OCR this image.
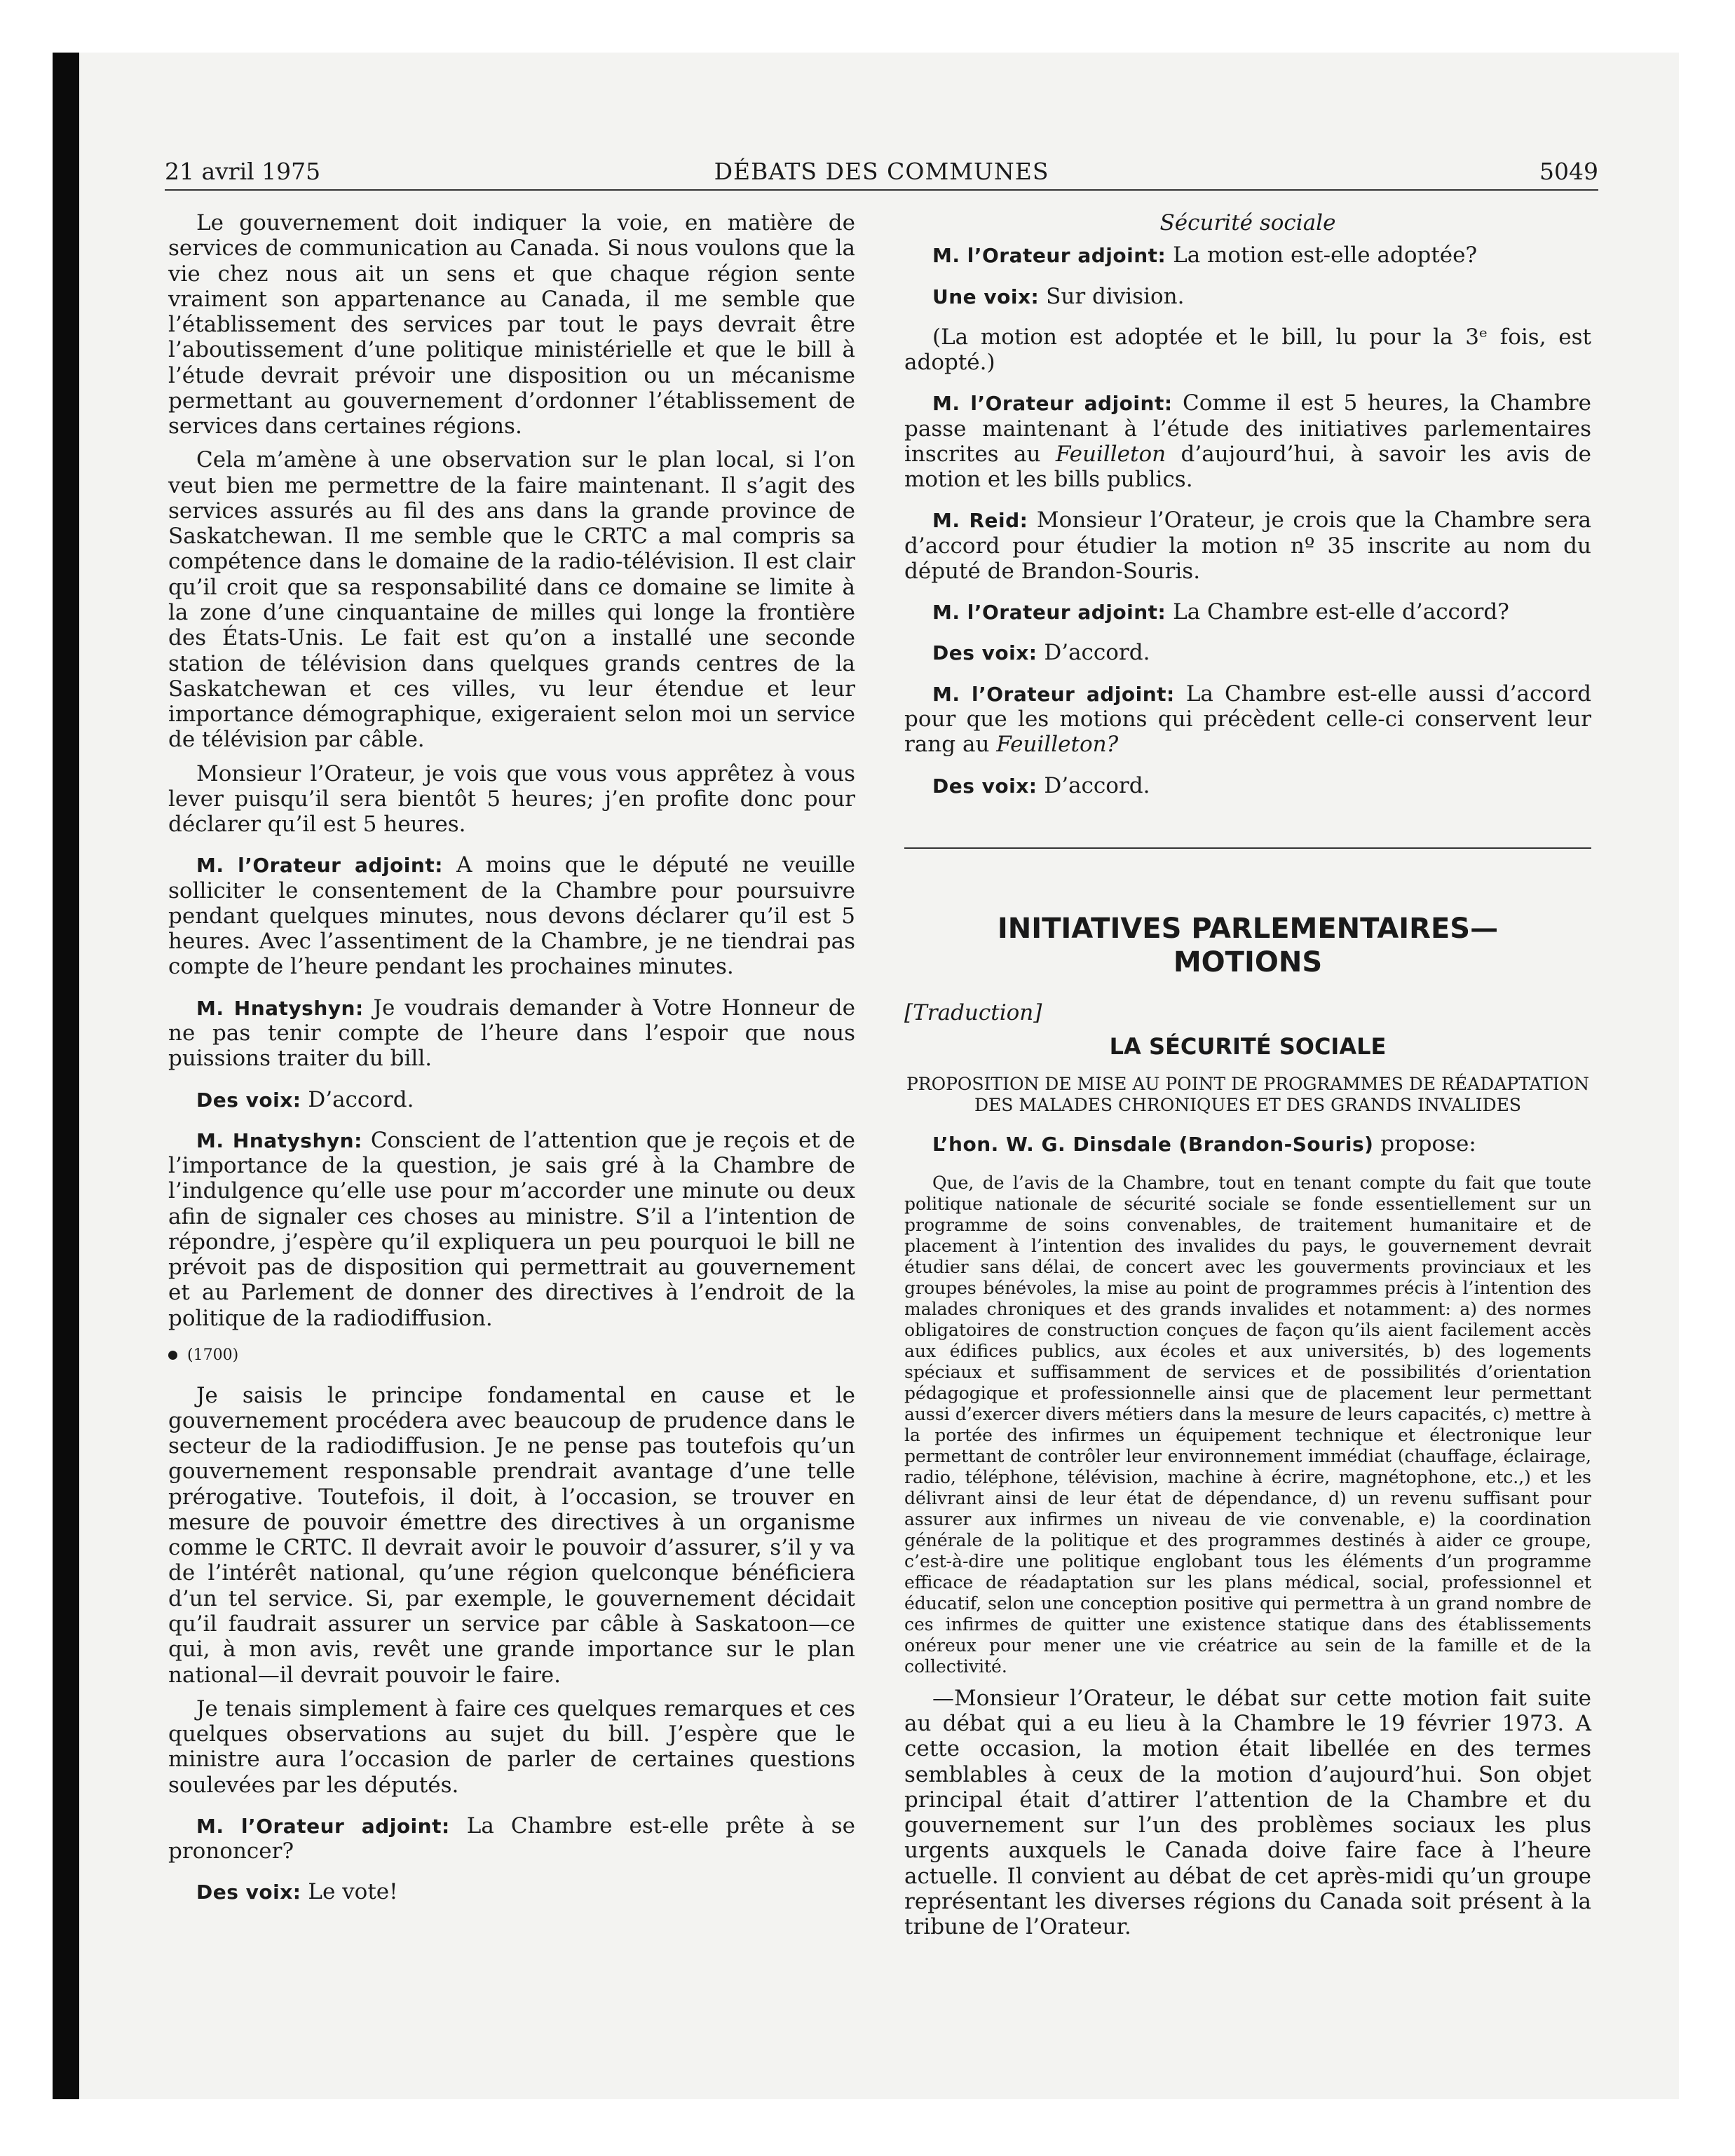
21 avril 1975	DÉBATS DES COMMUNES	5049

Le gouvernement doit indiquer la voie, en matière de services de communication au Canada. Si nous voulons que la vie chez nous ait un sens et que chaque région sente vraiment son appartenance au Canada, il me semble que l’établissement des services par tout le pays devrait être l’aboutissement d’une politique ministérielle et que le bill à l’étude devrait prévoir une disposition ou un mécanisme permettant au gouvernement d’ordonner l’établissement de services dans certaines régions.

Cela m’amène à une observation sur le plan local, si l’on veut bien me permettre de la faire maintenant. Il s’agit des services assurés au fil des ans dans la grande province de Saskatchewan. Il me semble que le CRTC a mal compris sa compétence dans le domaine de la radio-télévision. Il est clair qu’il croit que sa responsabilité dans ce domaine se limite à la zone d’une cinquantaine de milles qui longe la frontière des États-Unis. Le fait est qu’on a installé une seconde station de télévision dans quelques grands centres de la Saskatchewan et ces villes, vu leur étendue et leur importance démographique, exigeraient selon moi un service de télévision par câble.

Monsieur l’Orateur, je vois que vous vous apprêtez à vous lever puisqu’il sera bientôt 5 heures; j’en profite donc pour déclarer qu’il est 5 heures.

M. l’Orateur adjoint: A moins que le député ne veuille solliciter le consentement de la Chambre pour poursuivre pendant quelques minutes, nous devons déclarer qu’il est 5 heures. Avec l’assentiment de la Chambre, je ne tiendrai pas compte de l’heure pendant les prochaines minutes.

M. Hnatyshyn: Je voudrais demander à Votre Honneur de ne pas tenir compte de l’heure dans l’espoir que nous puissions traiter du bill.

Des voix: D’accord.

M. Hnatyshyn: Conscient de l’attention que je reçois et de l’importance de la question, je sais gré à la Chambre de l’indulgence qu’elle use pour m’accorder une minute ou deux afin de signaler ces choses au ministre. S’il a l’intention de répondre, j’espère qu’il expliquera un peu pourquoi le bill ne prévoit pas de disposition qui permettrait au gouvernement et au Parlement de donner des directives à l’endroit de la politique de la radiodiffusion.

(1700)

Je saisis le principe fondamental en cause et le gouvernement procédera avec beaucoup de prudence dans le secteur de la radiodiffusion. Je ne pense pas toutefois qu’un gouvernement responsable prendrait avantage d’une telle prérogative. Toutefois, il doit, à l’occasion, se trouver en mesure de pouvoir émettre des directives à un organisme comme le CRTC. Il devrait avoir le pouvoir d’assurer, s’il y va de l’intérêt national, qu’une région quelconque bénéficiera d’un tel service. Si, par exemple, le gouvernement décidait qu’il faudrait assurer un service par câble à Saskatoon—ce qui, à mon avis, revêt une grande importance sur le plan national—il devrait pouvoir le faire.

Je tenais simplement à faire ces quelques remarques et ces quelques observations au sujet du bill. J’espère que le ministre aura l’occasion de parler de certaines questions soulevées par les députés.

M. l’Orateur adjoint: La Chambre est-elle prête à se prononcer?

Des voix: Le vote!

Sécurité sociale

M. l’Orateur adjoint: La motion est-elle adoptée?

Une voix: Sur division.

(La motion est adoptée et le bill, lu pour la 3ᵉ fois, est adopté.)

M. l’Orateur adjoint: Comme il est 5 heures, la Chambre passe maintenant à l’étude des initiatives parlementaires inscrites au Feuilleton d’aujourd’hui, à savoir les avis de motion et les bills publics.

M. Reid: Monsieur l’Orateur, je crois que la Chambre sera d’accord pour étudier la motion nº 35 inscrite au nom du député de Brandon-Souris.

M. l’Orateur adjoint: La Chambre est-elle d’accord?

Des voix: D’accord.

M. l’Orateur adjoint: La Chambre est-elle aussi d’accord pour que les motions qui précèdent celle-ci conservent leur rang au Feuilleton?

Des voix: D’accord.

INITIATIVES PARLEMENTAIRES—
MOTIONS
[Traduction]
LA SÉCURITÉ SOCIALE
PROPOSITION DE MISE AU POINT DE PROGRAMMES DE RÉADAPTATION DES MALADES CHRONIQUES ET DES GRANDS INVALIDES

L’hon. W. G. Dinsdale (Brandon-Souris) propose:

Que, de l’avis de la Chambre, tout en tenant compte du fait que toute politique nationale de sécurité sociale se fonde essentiellement sur un programme de soins convenables, de traitement humanitaire et de placement à l’intention des invalides du pays, le gouvernement devrait étudier sans délai, de concert avec les gouverments provinciaux et les groupes bénévoles, la mise au point de programmes précis à l’intention des malades chroniques et des grands invalides et notamment: a) des normes obligatoires de construction conçues de façon qu’ils aient facilement accès aux édifices publics, aux écoles et aux universités, b) des logements spéciaux et suffisamment de services et de possibilités d’orientation pédagogique et professionnelle ainsi que de placement leur permettant aussi d’exercer divers métiers dans la mesure de leurs capacités, c) mettre à la portée des infirmes un équipement technique et électronique leur permettant de contrôler leur environnement immédiat (chauffage, éclairage, radio, téléphone, télévision, machine à écrire, magnétophone, etc.,) et les délivrant ainsi de leur état de dépendance, d) un revenu suffisant pour assurer aux infirmes un niveau de vie convenable, e) la coordination générale de la politique et des programmes destinés à aider ce groupe, c’est-à-dire une politique englobant tous les éléments d’un programme efficace de réadaptation sur les plans médical, social, professionnel et éducatif, selon une conception positive qui permettra à un grand nombre de ces infirmes de quitter une existence statique dans des établissements onéreux pour mener une vie créatrice au sein de la famille et de la collectivité.

—Monsieur l’Orateur, le débat sur cette motion fait suite au débat qui a eu lieu à la Chambre le 19 février 1973. A cette occasion, la motion était libellée en des termes semblables à ceux de la motion d’aujourd’hui. Son objet principal était d’attirer l’attention de la Chambre et du gouvernement sur l’un des problèmes sociaux les plus urgents auxquels le Canada doive faire face à l’heure actuelle. Il convient au débat de cet après-midi qu’un groupe représentant les diverses régions du Canada soit présent à la tribune de l’Orateur.
